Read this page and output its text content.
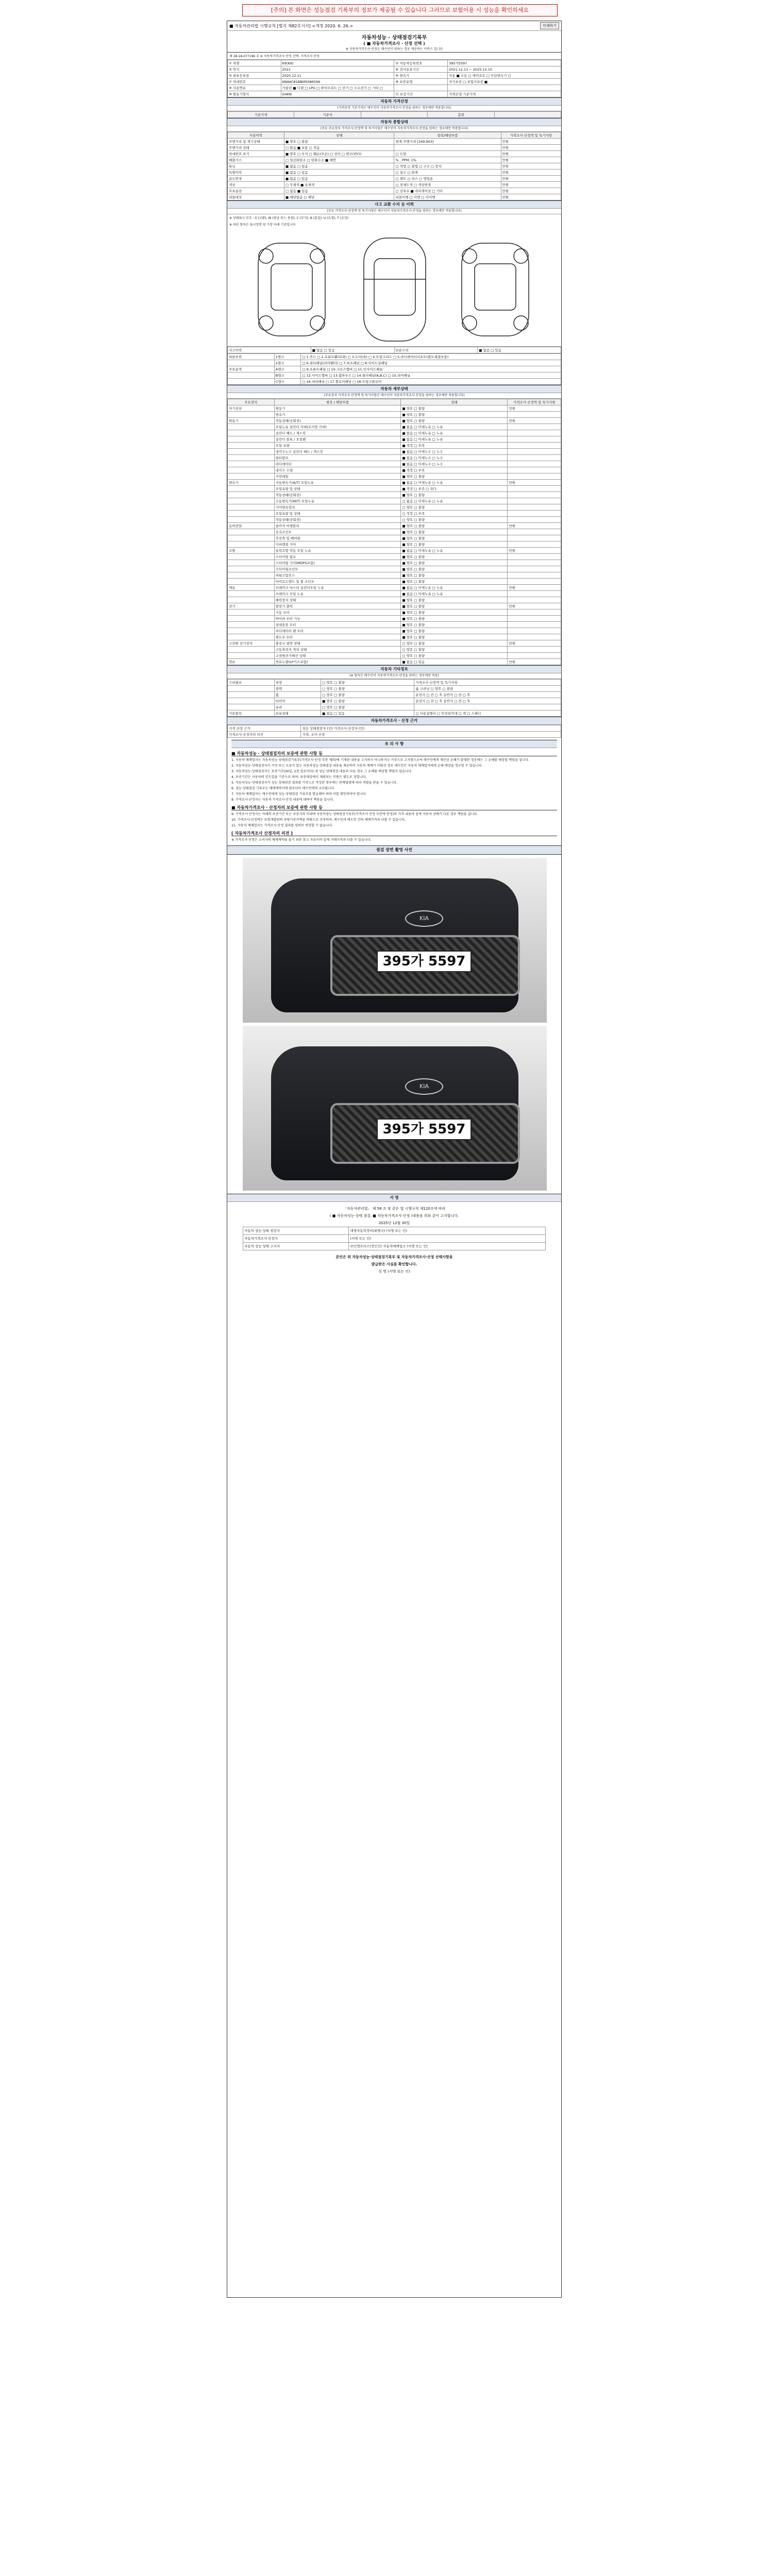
[주의] 본 화면은 성능점검 기록부의 정보가 제공될 수 있습니다 그러므로 보험이용 시 성능을 확인하세요
■ 자동차관리법 시행규칙 [별지 제82호서식] <개정 2020. 6. 26.>	인쇄하기
자동차성능 · 상태점검기록부
( ■ 자동차가격조사 · 산정 선택 )
※ 자동차가격조사·산정은 매수인이 원하는 경우 제공하는 서비스 입니다
제 28-18-077196 호 ※ 자동차가격조사·산정 선택: 가격조사·산정
① 차명	K9(K9)	② 자동차등록번호	395가5597
③ 연식	2021	④ 검사유효기간	2021.12.11 ~ 2025.12.10
⑤ 최초등록일	2020.12.11	⑥ 변속기	자동 ■ 수동 □ 세미오토 □ 무단변속기 □
⑦ 차대번호	KNAKC81BBM5086566	⑧ 보증유형	자가보증 □ 보험사보증 ■
⑨ 사용연료	가솔린 ■ 디젤 □ LPG □ 하이브리드 □ 전기 □ 수소전기 □ 기타 □		
⑩ 원동기형식	G4KN	⑪ 보증기간	가격산정 기준가격
자동차 가격산정
(가격산정 기준가격은 매수인이 자동차가격조사·산정을 원하는 경우에만 적용합니다)
기준가격	기준서		총점	
자동차 종합상태
(주요 주요장치 가격조사·산정액 및 특기사항은 매수인이 자동차가격조사·산정을 원하는 경우에만 적용합니다)
사용이력	상태	항목/해당부품	가격조사·산정액 및 특기사항
주행거리 및 계기상태	■ 양호 □ 불량	현재 주행거리 [169,943]	만원
주행거리 상태	□ 많음 ■ 보통 □ 적음		만원
차대번호 표기	■ 양호 □ 부식 □ 훼손(오손) □ 상이 □ 변조(변타)	□ 도말	만원
배출가스	□ 일산화탄소 □ 탄화수소 ■ 매연	% , PPM, 1%	만원
튜닝	■ 없음 □ 있음	□ 적법 □ 불법 □ 구조 □ 장치	만원
특별이력	■ 없음 □ 있음	□ 침수 □ 화재	만원
용도변경	■ 없음 □ 있음	□ 렌트 □ 리스 □ 영업용	만원
색상	□ 무채색 ■ 유채색	□ 전체도색 □ 색상변경	만원
주요옵션	□ 없음 ■ 있음	□ 선루프 ■ 네비게이션 □ 기타	만원
리콜대상	■ 해당없음 □ 해당	리콜이행 □ 이행 □ 미이행	만원
사고 교환 수리 등 이력
(주요 가격조사·산정액 및 특기사항은 매수인이 자동차가격조사·산정을 원하는 경우에만 적용합니다)
※ 상태표시 부호 : X (교환), W (판금 또는 용접), C (부식), A (흠집), U (요철), T (손상)
※ 하단 항목은 표시장면 원 가장 아래 기준입니다
사고이력	■ 없음 □ 있음	단순수리	■ 없음 □ 있음
외판부위	1랭크	□ 1.후드 □ 2.프론트휀더(좌) □ 3.도어(좌) □ 4.트렁크리드 □ 5.라디에이터서포트(볼트체결부품)
	2랭크	□ 6.쿼터패널(리어휀더) □ 7.루프패널 □ 8.사이드실패널
주요골격	A랭크	□ 9.프론트패널 □ 10.크로스멤버 □ 11.인사이드패널
	B랭크	□ 12.사이드멤버 □ 13.휠하우스 □ 14.필러패널(A,B,C) □ 15.리어패널
	C랭크	□ 16.대쉬패널 □ 17.플로어패널 □ 18.트렁크플로어
자동차 세부상태
(주요장치 가격조사·산정액 및 특기사항은 매수인이 자동차가격조사·산정을 원하는 경우에만 적용합니다)
주요장치	항목 / 해당부품	상태	가격조사·산정액 및 특기사항
자기진단	원동기	■ 양호 □ 불량	만원
	변속기	■ 양호 □ 불량	
원동기	작동상태(공회전)	■ 양호 □ 불량	만원
	오일누유 실린더 커버(로커암 커버)	■ 없음 □ 미세누유 □ 누유	
	실린더 헤드 / 개스킷	■ 없음 □ 미세누유 □ 누유	
	실린더 블록 / 오일팬	■ 없음 □ 미세누유 □ 누유	
	오일 유량	■ 적정 □ 부족	
	냉각수누수 실린더 헤드 / 개스킷	■ 없음 □ 미세누수 □ 누수	
	워터펌프	■ 없음 □ 미세누수 □ 누수	
	라디에이터	■ 없음 □ 미세누수 □ 누수	
	냉각수 수량	■ 적정 □ 부족	
	커먼레일	■ 양호 □ 불량	
변속기	자동변속기(A/T) 오일누유	■ 없음 □ 미세누유 □ 누유	만원
	오일유량 및 상태	■ 적정 □ 부족 □ 과다	
	작동상태(공회전)	■ 양호 □ 불량	
	수동변속기(M/T) 오일누유	□ 없음 □ 미세누유 □ 누유	
	기어변속장치	□ 양호 □ 불량	
	오일유량 및 상태	□ 적정 □ 부족	
	작동상태(공회전)	□ 양호 □ 불량	
동력전달	클러치 어셈블리	■ 양호 □ 불량	만원
	등속조인트	■ 양호 □ 불량	
	추진축 및 베어링	■ 양호 □ 불량	
	디퍼렌셜 기어	■ 양호 □ 불량	
조향	동력조향 작동 오일 누유	■ 없음 □ 미세누유 □ 누유	만원
	스티어링 펌프	■ 양호 □ 불량	
	스티어링 기어(MDPS포함)	■ 양호 □ 불량	
	스티어링조인트	■ 양호 □ 불량	
	파워고압호스	■ 양호 □ 불량	
	타이로드엔드 및 볼 조인트	■ 양호 □ 불량	
제동	브레이크 마스터 실린더오일 누유	■ 없음 □ 미세누유 □ 누유	만원
	브레이크 오일 누유	■ 없음 □ 미세누유 □ 누유	
	배력장치 상태	■ 양호 □ 불량	
전기	발전기 출력	■ 양호 □ 불량	만원
	시동 모터	■ 양호 □ 불량	
	와이퍼 모터 기능	■ 양호 □ 불량	
	실내송풍 모터	■ 양호 □ 불량	
	라디에이터 팬 모터	■ 양호 □ 불량	
	윈도우 모터	■ 양호 □ 불량	
고전원 전기장치	충전구 절연 상태	□ 양호 □ 불량	만원
	구동축전지 격리 상태	□ 양호 □ 불량	
	고전원전기배선 상태	□ 양호 □ 불량	
연료	연료누출(LP가스포함)	■ 없음 □ 있음	만원
자동차 기타정보
(※ 항목은 매수인이 자동차가격조사·산정을 원하는 경우에만 적용)
수리필요	외장	□ 양호 □ 불량	가격조사·산정액 및 특기사항
	광택	□ 양호 □ 불량	룸 크리닝 □ 양호 □ 불량
	휠	□ 양호 □ 불량	운전석 □ 전 □ 후 동반석 □ 전 □ 후
	타이어	■ 양호 □ 불량	운전석 □ 전 □ 후 동반석 □ 전 □ 후
	유리	□ 양호 □ 불량	
기본품목	보유상태	■ 없음 □ 있음	□ 사용설명서 □ 안전삼각대 □ 잭 □ 스패너
자동차가격조사 · 산정 근거
가격 산정 근거	성능 상태점검자 (인) 가격조사·산정자 (인)
가격조사·산정자의 의견	가격: 조사·산정
유 의 사 항
■ 자동차성능 · 상태점검자의 보증에 관한 사항 등

1. 자동차 매매업자는 자동차성능·상태점검기록부(가격조사·산정 부분 제외)에 기재된 내용을 고지하지 아니하거나 거짓으로 고지함으로써 매수인에게 재산상 손해가 발생한 경우에는 그 손해를 배상할 책임을 집니다.

2. 자동차성능·상태점검자가 거짓 또는 오류가 있는 자동차성능·상태점검 내용을 제공하여 자동차 매매가 이뤄진 경우 매수인은 자동차 매매업자에게 손해 배상을 청구할 수 있습니다.

3. 자동차성능·상태점검자는 보증기간(30일, 2천 킬로미터) 내 성능·상태점검 내용과 다른 경우 그 손해를 배상할 책임이 있습니다.

4. 보증기간은 자동차의 인도일을 기준으로 하며, 보증대상에서 제외되는 부품은 별도로 정합니다.

5. 자동차성능·상태점검자가 성능·상태점검 결과를 거짓으로 작성한 경우에는 관계법령에 따라 처벌을 받을 수 있습니다.

6. 성능·상태점검 기록부는 매매계약서에 첨부되어 매수인에게 교부됩니다.

7. 자동차 매매업자는 매수인에게 성능·상태점검 기록부를 발급해야 하며 이를 확인하여야 합니다.

8. 가격조사·산정자는 자동차 가격조사·산정 내용에 대하여 책임을 집니다.

■ 자동차가격조사 · 산정자의 보증에 관한 사항 등

9. 가격조사·산정자는 아래의 보증기간 또는 보증거리 이내에 자동차성능·상태점검기록부(가격조사·산정 부분에 한정)의 가격 내용과 실제 자동차 상태가 다른 경우 책임을 집니다.

10. 가격조사·산정액은 보험개발원의 차량기준가액을 바탕으로 산정하며, 매수인과 매도인 간의 매매가격과 다를 수 있습니다.

11. 자동차 매매업자는 가격조사·산정 결과를 임의로 변경할 수 없습니다.

[ 자동차가격조사 산정자의 의견 ]

※ 가격조사·산정은 소비자의 매매계약을 돕기 위한 참고 자료이며 실제 거래가격과 다를 수 있습니다.

점검 장면 촬영 사진
KIA
395가 5597
KIA
395가 5597
서 명
「자동차관리법」 제 58 조 및 같은 법 시행규칙 제120조에 따라
( ■ 자동차성능·상태 점검, ■ 자동차가격조사·산정 )내용을 위와 같이 고지합니다.
2025년 12월 30일
자동차 성능·상태 점검자	대영자동차정비(최병국) (서명 또는 인)
자동차가격조사·산정자	(서명 또는 인)
자동차 성능·상태 고지자	㈜신영모터스(장인건) 자동차매매업소 (서명 또는 인)
본인은 위 자동차성능·상태점검기록부 및 자동차가격조사·산정 선택사항을
발급받은 사실을 확인합니다.
성 명 (서명 또는 인)
